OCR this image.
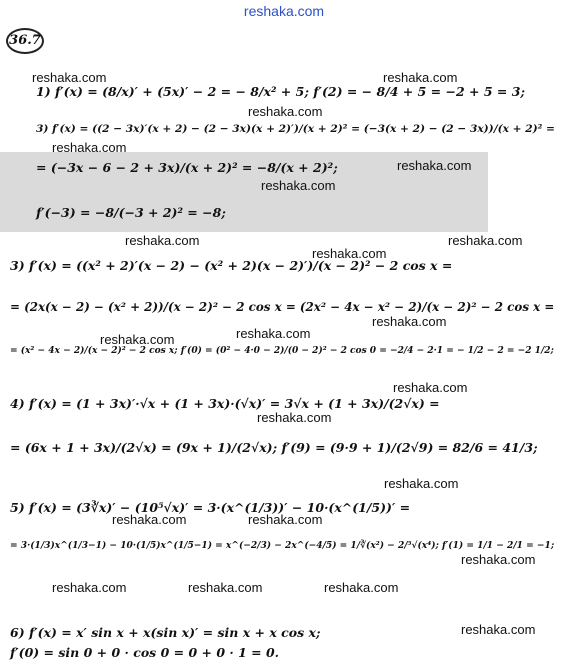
reshaka.com
36.7
reshaka.com	reshaka.com
reshaka.com
reshaka.com
reshaka.com
reshaka.com
reshaka.com
reshaka.com
reshaka.com
reshaka.com
reshaka.com	reshaka.com
reshaka.com
reshaka.com
reshaka.com
reshaka.com	reshaka.com
reshaka.com
reshaka.com	reshaka.com	reshaka.com
reshaka.com
1) f′(x) = (8/x)′ + (5x)′ − 2 = − 8/x² + 5; f′(2) = − 8/4 + 5 = −2 + 5 = 3;
3) f′(x) = ((2 − 3x)′(x + 2) − (2 − 3x)(x + 2)′)/(x + 2)² = (−3(x + 2) − (2 − 3x))/(x + 2)² =
= (−3x − 6 − 2 + 3x)/(x + 2)² = −8/(x + 2)²;
f′(−3) = −8/(−3 + 2)² = −8;
3) f′(x) = ((x² + 2)′(x − 2) − (x² + 2)(x − 2)′)/(x − 2)² − 2 cos x =
= (2x(x − 2) − (x² + 2))/(x − 2)² − 2 cos x = (2x² − 4x − x² − 2)/(x − 2)² − 2 cos x =
= (x² − 4x − 2)/(x − 2)² − 2 cos x; f′(0) = (0² − 4·0 − 2)/(0 − 2)² − 2 cos 0 = −2/4 − 2·1 = − 1/2 − 2 = −2 1/2;
4) f′(x) = (1 + 3x)′·√x + (1 + 3x)·(√x)′ = 3√x + (1 + 3x)/(2√x) =
= (6x + 1 + 3x)/(2√x) = (9x + 1)/(2√x); f′(9) = (9·9 + 1)/(2√9) = 82/6 = 41/3;
5) f′(x) = (3∛x)′ − (10⁵√x)′ = 3·(x^(1/3))′ − 10·(x^(1/5))′ =
= 3·(1/3)x^(1/3−1) − 10·(1/5)x^(1/5−1) = x^(−2/3) − 2x^(−4/5) = 1/∛(x²) − 2/⁵√(x⁴); f′(1) = 1/1 − 2/1 = −1;
6) f′(x) = x′ sin x + x(sin x)′ = sin x + x cos x;
f′(0) = sin 0 + 0 · cos 0 = 0 + 0 · 1 = 0.
